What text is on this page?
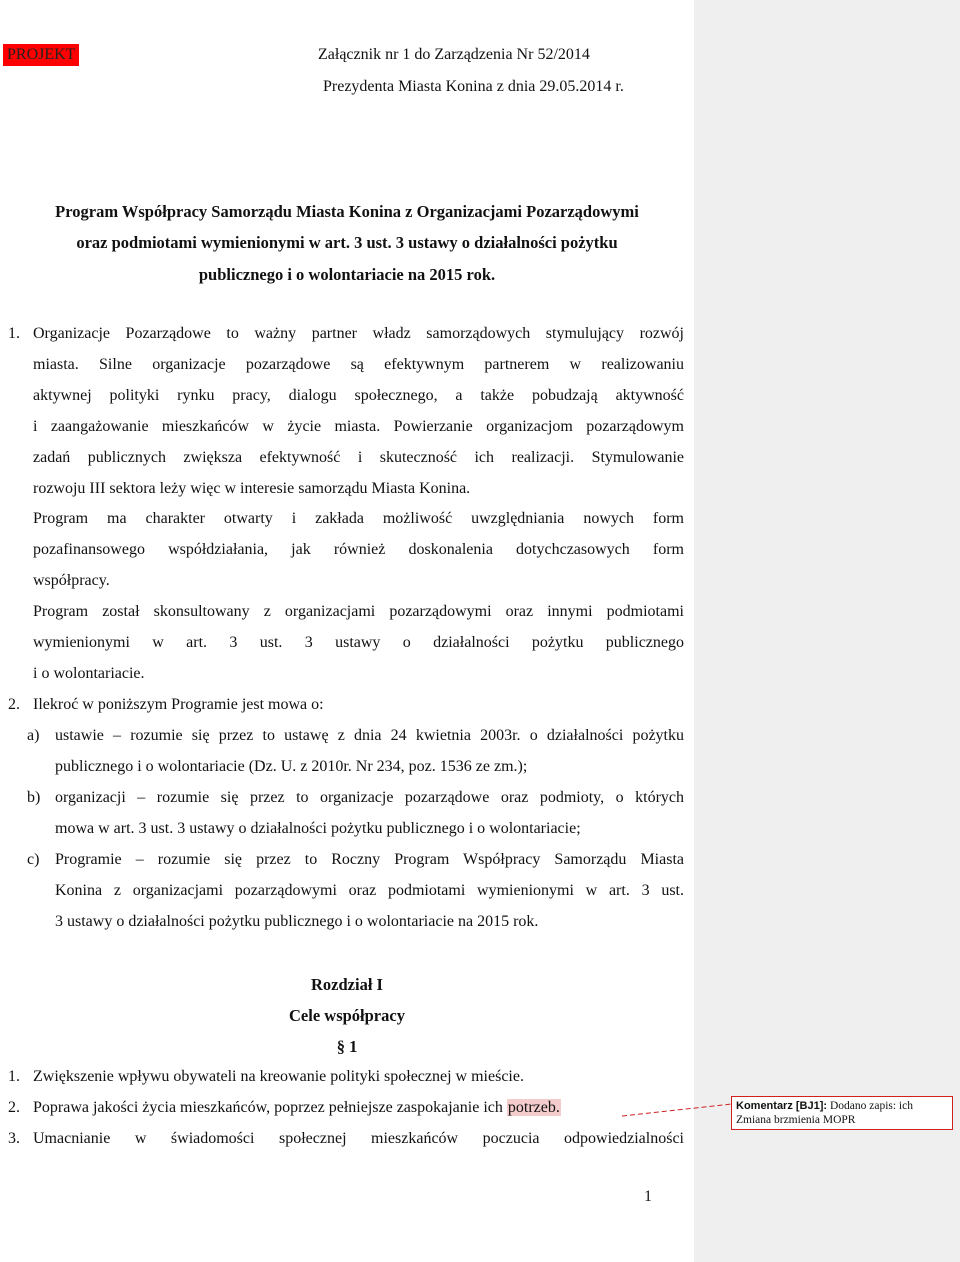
PROJEKT	Załącznik nr 1 do Zarządzenia Nr 52/2014
Prezydenta Miasta Konina z dnia 29.05.2014 r.
Program Współpracy Samorządu Miasta Konina z Organizacjami Pozarządowymi
oraz podmiotami wymienionymi w art. 3 ust. 3 ustawy o działalności pożytku
publicznego i o wolontariacie na 2015 rok.
1. Organizacje Pozarządowe to ważny partner władz samorządowych stymulujący rozwój
miasta. Silne organizacje pozarządowe są efektywnym partnerem w realizowaniu
aktywnej polityki rynku pracy, dialogu społecznego, a także pobudzają aktywność
i zaangażowanie mieszkańców w życie miasta. Powierzanie organizacjom pozarządowym
zadań publicznych zwiększa efektywność i skuteczność ich realizacji. Stymulowanie
rozwoju III sektora leży więc w interesie samorządu Miasta Konina.
Program ma charakter otwarty i zakłada możliwość uwzględniania nowych form
pozafinansowego współdziałania, jak również doskonalenia dotychczasowych form
współpracy.
Program został skonsultowany z organizacjami pozarządowymi oraz innymi podmiotami
wymienionymi w art. 3 ust. 3 ustawy o działalności pożytku publicznego
i o wolontariacie.
2. Ilekroć w poniższym Programie jest mowa o:
a) ustawie – rozumie się przez to ustawę z dnia 24 kwietnia 2003r. o działalności pożytku
publicznego i o wolontariacie (Dz. U. z 2010r. Nr 234, poz. 1536 ze zm.);
b) organizacji – rozumie się przez to organizacje pozarządowe oraz podmioty, o których
mowa w art. 3 ust. 3 ustawy o działalności pożytku publicznego i o wolontariacie;
c) Programie – rozumie się przez to Roczny Program Współpracy Samorządu Miasta
Konina z organizacjami pozarządowymi oraz podmiotami wymienionymi w art. 3 ust.
3 ustawy o działalności pożytku publicznego i o wolontariacie na 2015 rok.
Rozdział I
Cele współpracy
§ 1
1. Zwiększenie wpływu obywateli na kreowanie polityki społecznej w mieście.
2. Poprawa jakości życia mieszkańców, poprzez pełniejsze zaspokajanie ich potrzeb.
3. Umacnianie w świadomości społecznej mieszkańców poczucia odpowiedzialności
Komentarz [BJ1]: Dodano zapis: ich Zmiana brzmienia MOPR
1
